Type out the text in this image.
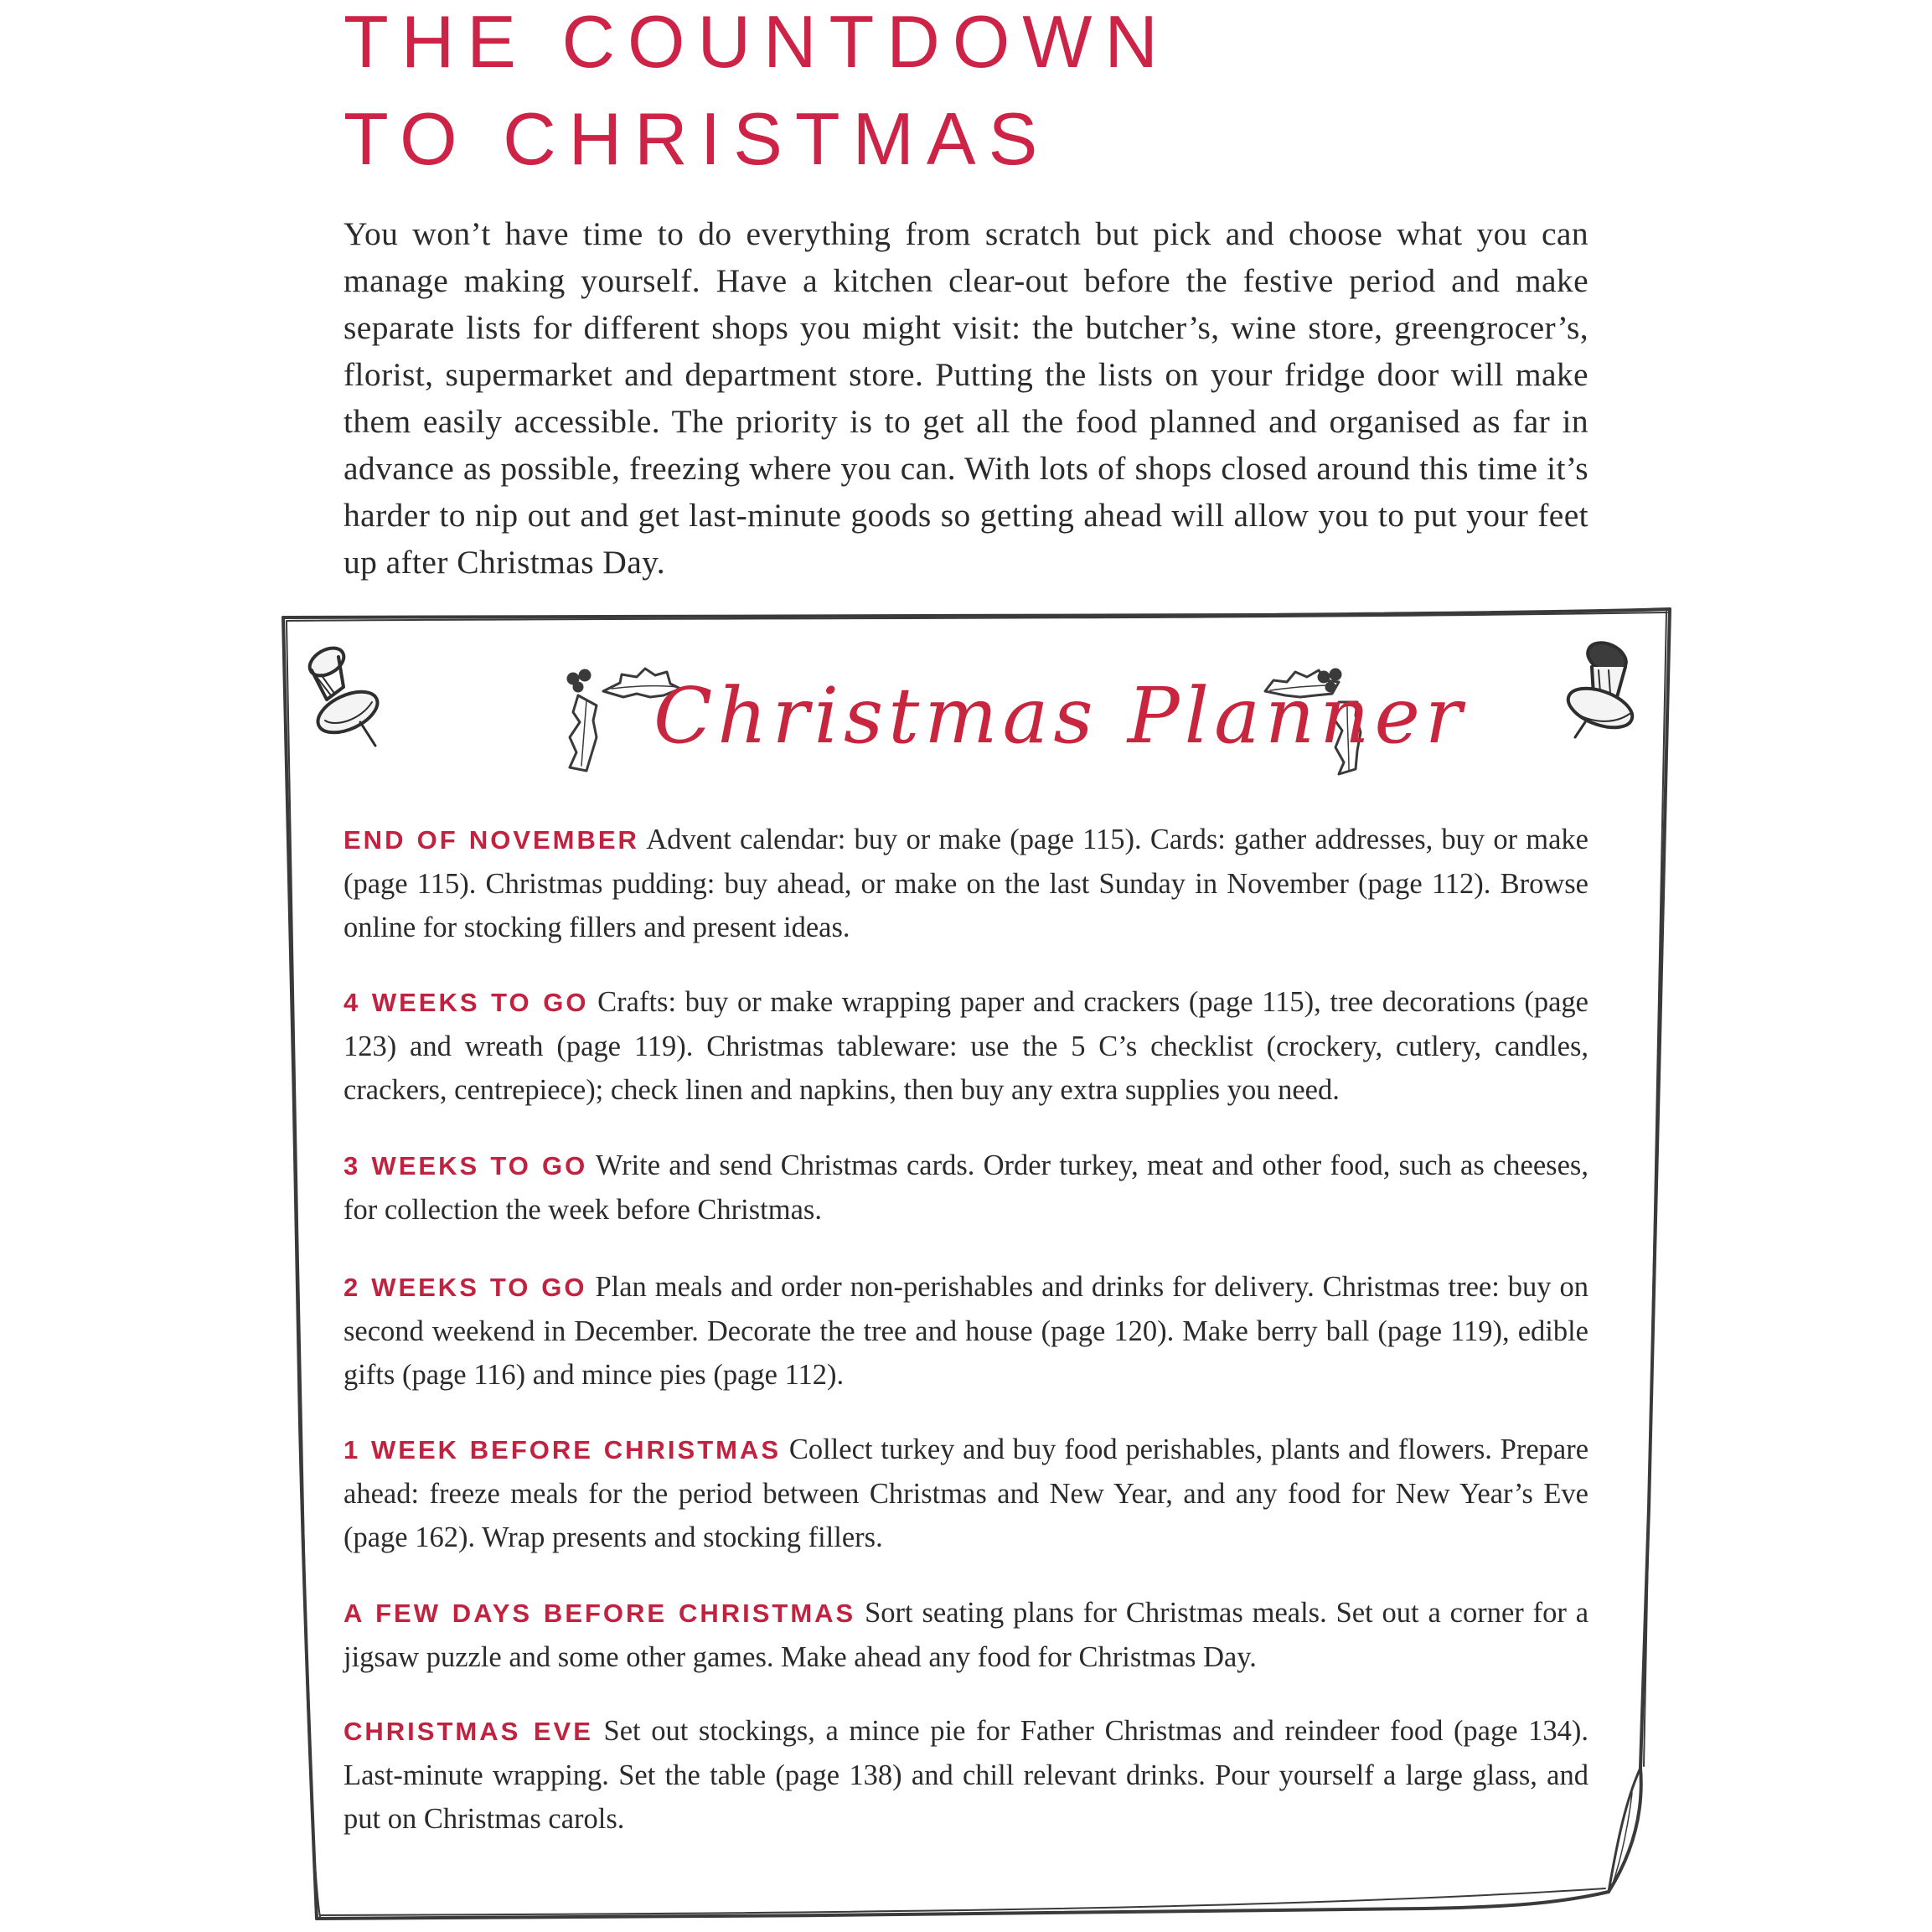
THE COUNTDOWN
TO CHRISTMAS

You won’t have time to do everything from scratch but pick and choose what you can manage making yourself. Have a kitchen clear-out before the festive period and make separate lists for different shops you might visit: the butcher’s, wine store, greengrocer’s, florist, supermarket and department store. Putting the lists on your fridge door will make them easily accessible. The priority is to get all the food planned and organised as far in advance as possible, freezing where you can. With lots of shops closed around this time it’s harder to nip out and get last-minute goods so getting ahead will allow you to put your feet up after Christmas Day.

Christmas Planner

END OF NOVEMBER Advent calendar: buy or make (page 115). Cards: gather addresses, buy or make (page 115). Christmas pudding: buy ahead, or make on the last Sunday in November (page 112). Browse online for stocking fillers and present ideas.

4 WEEKS TO GO Crafts: buy or make wrapping paper and crackers (page 115), tree decorations (page 123) and wreath (page 119). Christmas tableware: use the 5 C’s checklist (crockery, cutlery, candles, crackers, centrepiece); check linen and napkins, then buy any extra supplies you need.

3 WEEKS TO GO Write and send Christmas cards. Order turkey, meat and other food, such as cheeses, for collection the week before Christmas.

2 WEEKS TO GO Plan meals and order non-perishables and drinks for delivery. Christmas tree: buy on second weekend in December. Decorate the tree and house (page 120). Make berry ball (page 119), edible gifts (page 116) and mince pies (page 112).

1 WEEK BEFORE CHRISTMAS Collect turkey and buy food perishables, plants and flowers. Prepare ahead: freeze meals for the period between Christmas and New Year, and any food for New Year’s Eve (page 162). Wrap presents and stocking fillers.

A FEW DAYS BEFORE CHRISTMAS Sort seating plans for Christmas meals. Set out a corner for a jigsaw puzzle and some other games. Make ahead any food for Christmas Day.

CHRISTMAS EVE Set out stockings, a mince pie for Father Christmas and reindeer food (page 134). Last-minute wrapping. Set the table (page 138) and chill relevant drinks. Pour yourself a large glass, and put on Christmas carols.
